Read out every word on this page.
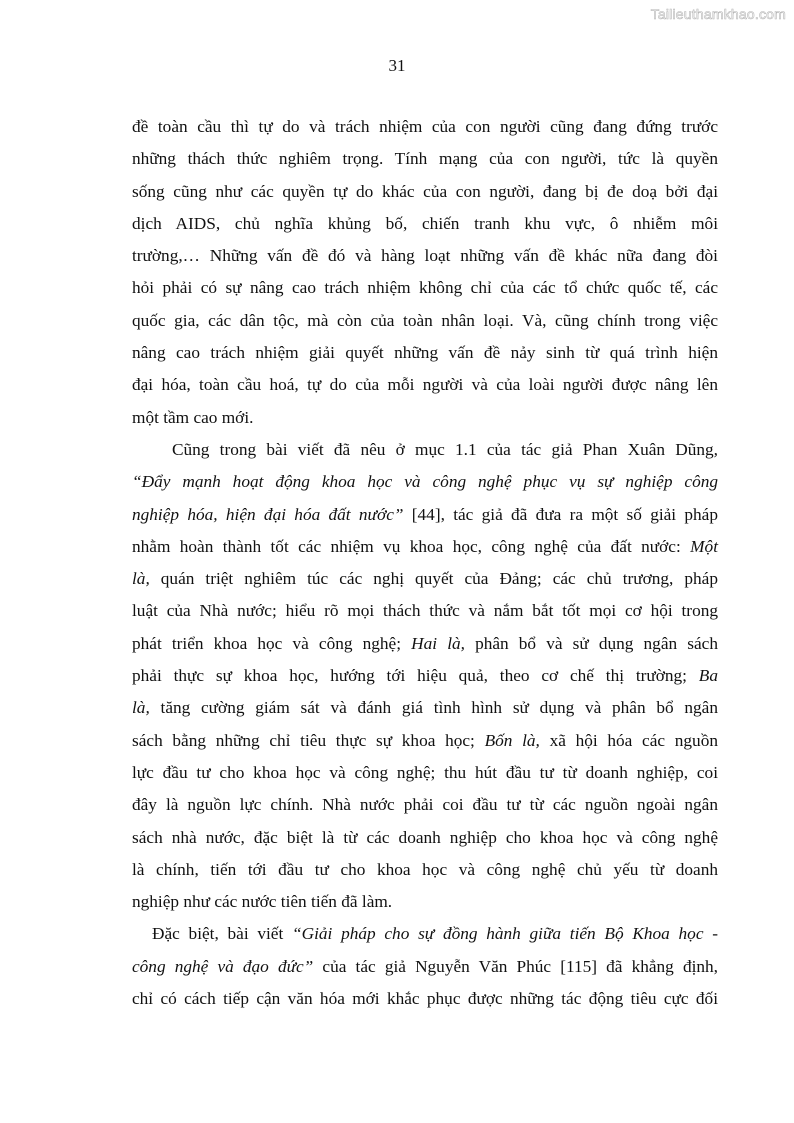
Tailieuthamkhao.com
31
đề toàn cầu thì tự do và trách nhiệm của con người cũng đang đứng trước
những thách thức nghiêm trọng. Tính mạng của con người, tức là quyền
sống cũng như các quyền tự do khác của con người, đang bị đe doạ bởi đại
dịch AIDS, chủ nghĩa khủng bố, chiến tranh khu vực, ô nhiễm môi
trường,… Những vấn đề đó và hàng loạt những vấn đề khác nữa đang đòi
hỏi phải có sự nâng cao trách nhiệm không chỉ của các tổ chức quốc tế, các
quốc gia, các dân tộc, mà còn của toàn nhân loại. Và, cũng chính trong việc
nâng cao trách nhiệm giải quyết những vấn đề nảy sinh từ quá trình hiện
đại hóa, toàn cầu hoá, tự do của mỗi người và của loài người được nâng lên
một tầm cao mới.
Cũng trong bài viết đã nêu ở mục 1.1 của tác giả Phan Xuân Dũng,
“Đẩy mạnh hoạt động khoa học và công nghệ phục vụ sự nghiệp công
nghiệp hóa, hiện đại hóa đất nước” [44], tác giả đã đưa ra một số giải pháp
nhằm hoàn thành tốt các nhiệm vụ khoa học, công nghệ của đất nước: Một
là, quán triệt nghiêm túc các nghị quyết của Đảng; các chủ trương, pháp
luật của Nhà nước; hiểu rõ mọi thách thức và nắm bắt tốt mọi cơ hội trong
phát triển khoa học và công nghệ; Hai là, phân bổ và sử dụng ngân sách
phải thực sự khoa học, hướng tới hiệu quả, theo cơ chế thị trường; Ba
là, tăng cường giám sát và đánh giá tình hình sử dụng và phân bổ ngân
sách bằng những chỉ tiêu thực sự khoa học; Bốn là, xã hội hóa các nguồn
lực đầu tư cho khoa học và công nghệ; thu hút đầu tư từ doanh nghiệp, coi
đây là nguồn lực chính. Nhà nước phải coi đầu tư từ các nguồn ngoài ngân
sách nhà nước, đặc biệt là từ các doanh nghiệp cho khoa học và công nghệ
là chính, tiến tới đầu tư cho khoa học và công nghệ chủ yếu từ doanh
nghiệp như các nước tiên tiến đã làm.
Đặc biệt, bài viết “Giải pháp cho sự đồng hành giữa tiến Bộ Khoa học -
công nghệ và đạo đức” của tác giả Nguyễn Văn Phúc [115] đã khẳng định,
chỉ có cách tiếp cận văn hóa mới khắc phục được những tác động tiêu cực đối
